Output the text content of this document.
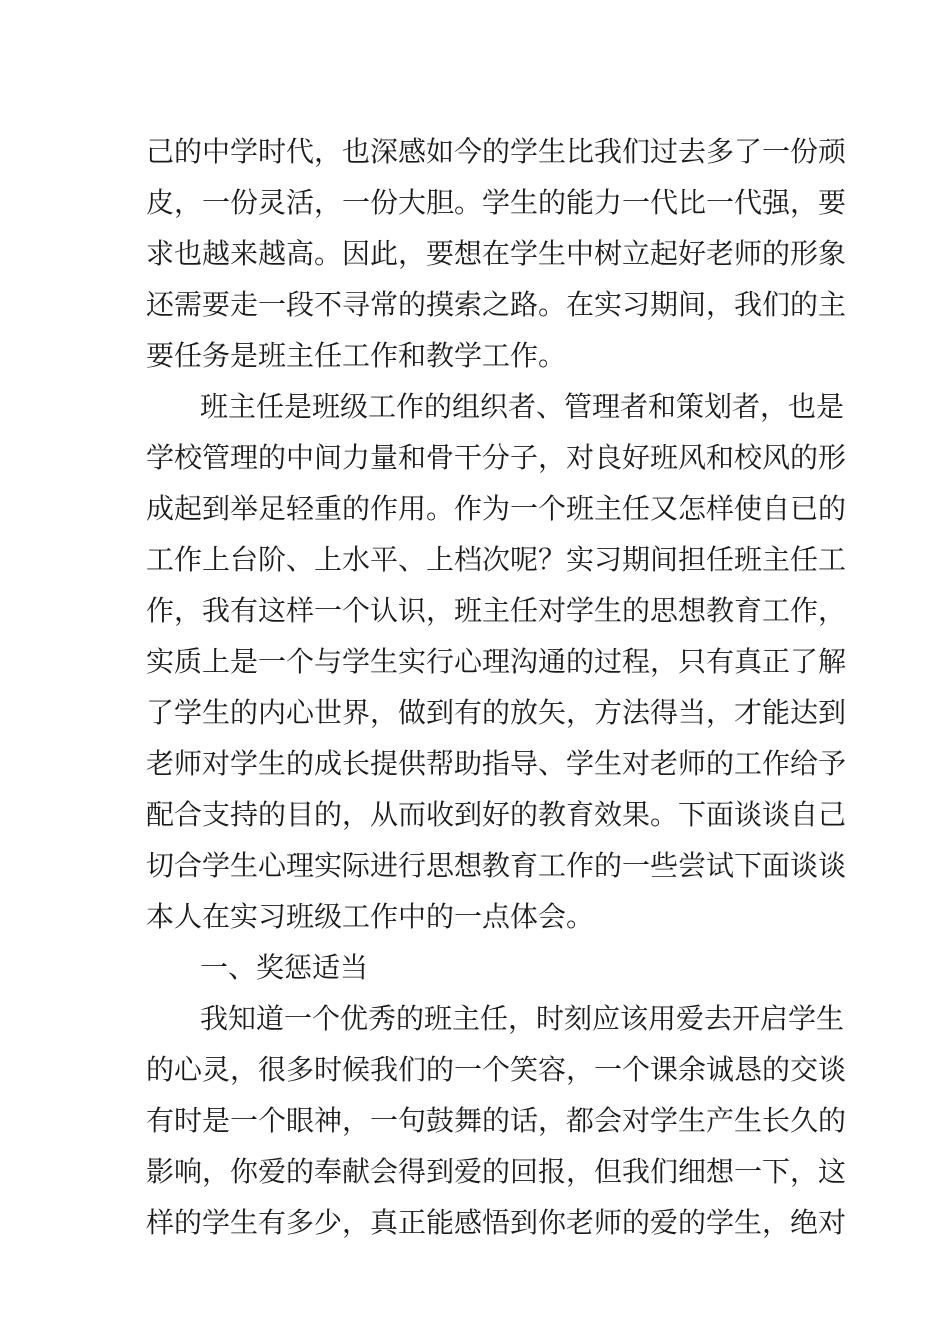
己的中学时代，也深感如今的学生比我们过去多了一份顽
皮，一份灵活，一份大胆。学生的能力一代比一代强，要
求也越来越高。因此，要想在学生中树立起好老师的形象
还需要走一段不寻常的摸索之路。在实习期间，我们的主
要任务是班主任工作和教学工作。
班主任是班级工作的组织者、管理者和策划者，也是
学校管理的中间力量和骨干分子，对良好班风和校风的形
成起到举足轻重的作用。作为一个班主任又怎样使自已的
工作上台阶、上水平、上档次呢？实习期间担任班主任工
作，我有这样一个认识，班主任对学生的思想教育工作，
实质上是一个与学生实行心理沟通的过程，只有真正了解
了学生的内心世界，做到有的放矢，方法得当，才能达到
老师对学生的成长提供帮助指导、学生对老师的工作给予
配合支持的目的，从而收到好的教育效果。下面谈谈自己
切合学生心理实际进行思想教育工作的一些尝试下面谈谈
本人在实习班级工作中的一点体会。
一、奖惩适当
我知道一个优秀的班主任，时刻应该用爱去开启学生
的心灵，很多时候我们的一个笑容，一个课余诚恳的交谈
有时是一个眼神，一句鼓舞的话，都会对学生产生长久的
影响，你爱的奉献会得到爱的回报，但我们细想一下，这
样的学生有多少，真正能感悟到你老师的爱的学生，绝对
